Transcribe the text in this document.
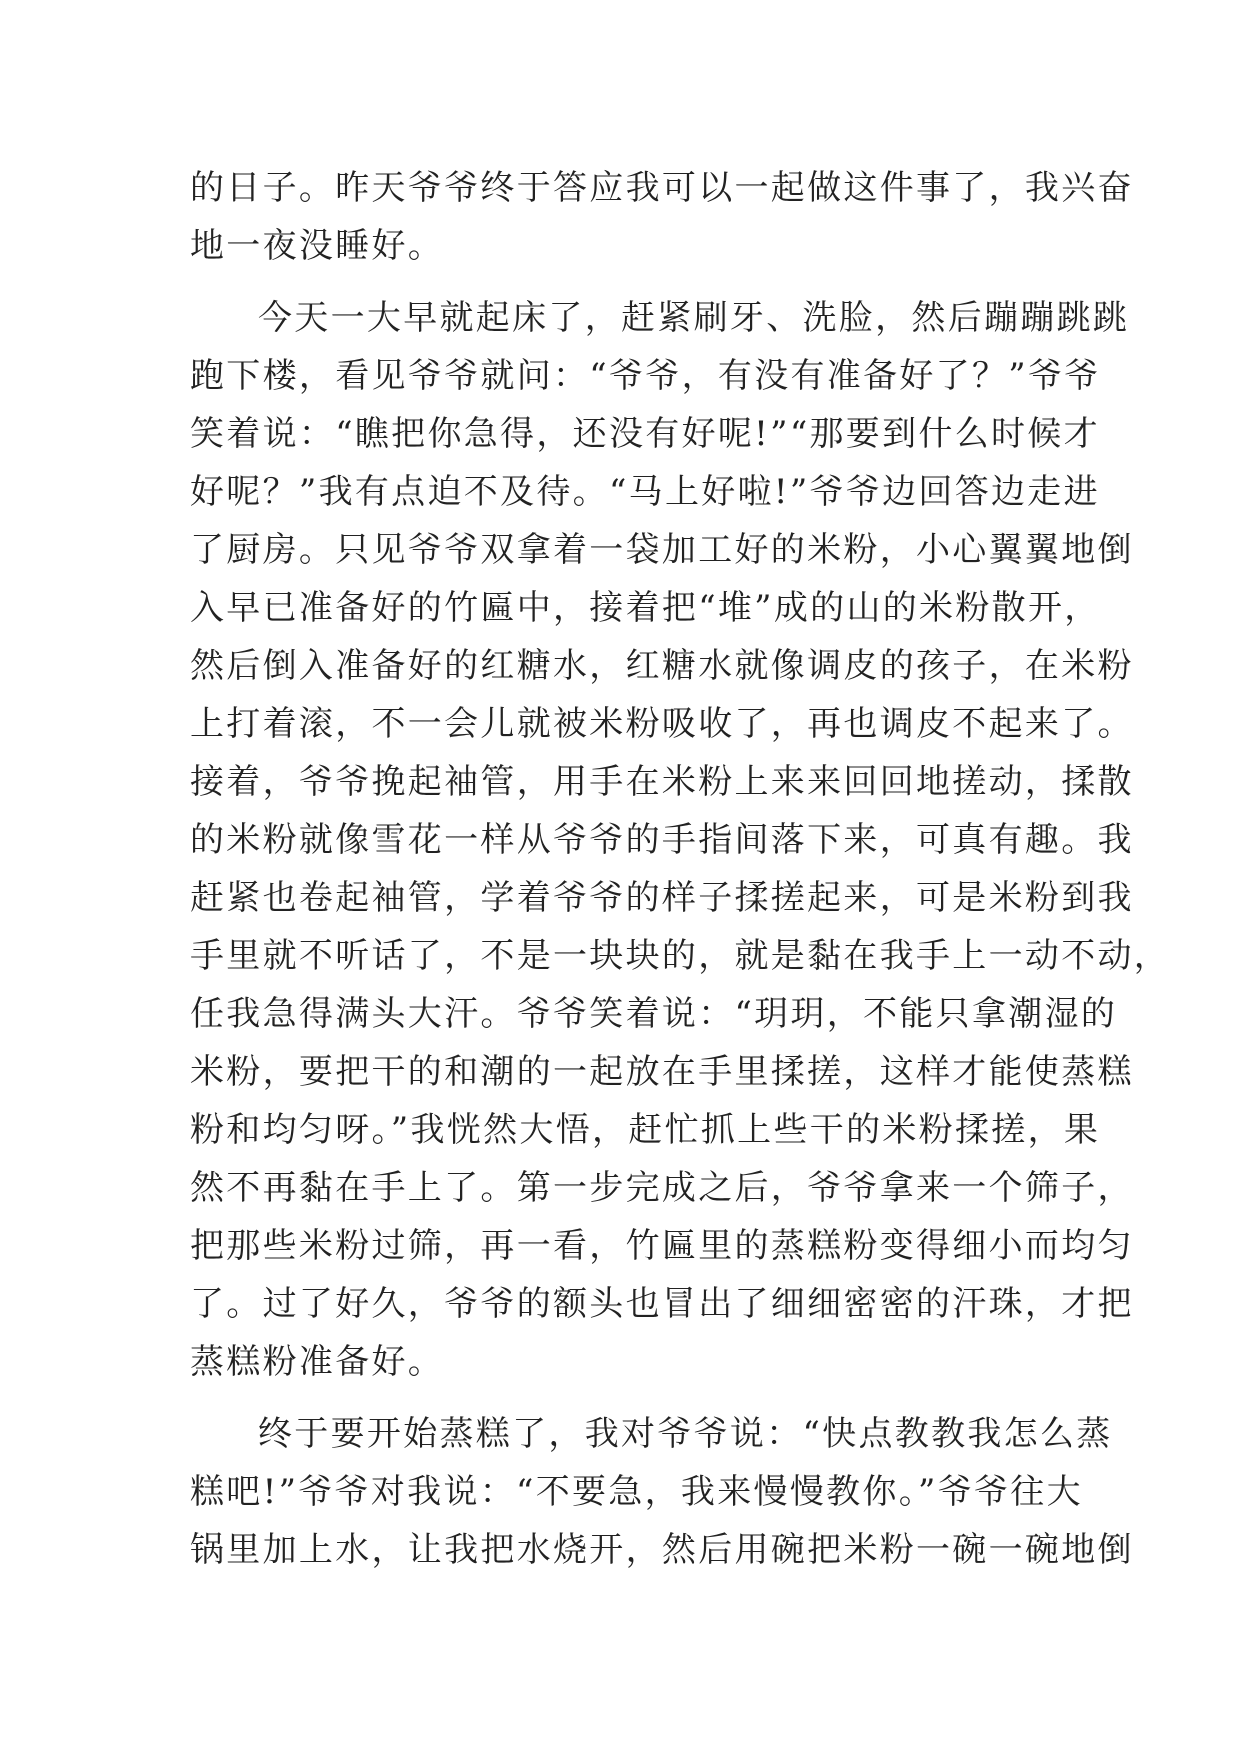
的日子。昨天爷爷终于答应我可以一起做这件事了，我兴奋
地一夜没睡好。
今天一大早就起床了，赶紧刷牙、洗脸，然后蹦蹦跳跳
跑下楼，看见爷爷就问：“爷爷，有没有准备好了？”爷爷
笑着说：“瞧把你急得，还没有好呢!”“那要到什么时候才
好呢？”我有点迫不及待。“马上好啦!”爷爷边回答边走进
了厨房。只见爷爷双拿着一袋加工好的米粉，小心翼翼地倒
入早已准备好的竹匾中，接着把“堆”成的山的米粉散开，
然后倒入准备好的红糖水，红糖水就像调皮的孩子，在米粉
上打着滚，不一会儿就被米粉吸收了，再也调皮不起来了。
接着，爷爷挽起袖管，用手在米粉上来来回回地搓动，揉散
的米粉就像雪花一样从爷爷的手指间落下来，可真有趣。我
赶紧也卷起袖管，学着爷爷的样子揉搓起来，可是米粉到我
手里就不听话了，不是一块块的，就是黏在我手上一动不动，
任我急得满头大汗。爷爷笑着说：“玥玥，不能只拿潮湿的
米粉，要把干的和潮的一起放在手里揉搓，这样才能使蒸糕
粉和均匀呀。”我恍然大悟，赶忙抓上些干的米粉揉搓，果
然不再黏在手上了。第一步完成之后，爷爷拿来一个筛子，
把那些米粉过筛，再一看，竹匾里的蒸糕粉变得细小而均匀
了。过了好久，爷爷的额头也冒出了细细密密的汗珠，才把
蒸糕粉准备好。
终于要开始蒸糕了，我对爷爷说：“快点教教我怎么蒸
糕吧!”爷爷对我说：“不要急，我来慢慢教你。”爷爷往大
锅里加上水，让我把水烧开，然后用碗把米粉一碗一碗地倒
